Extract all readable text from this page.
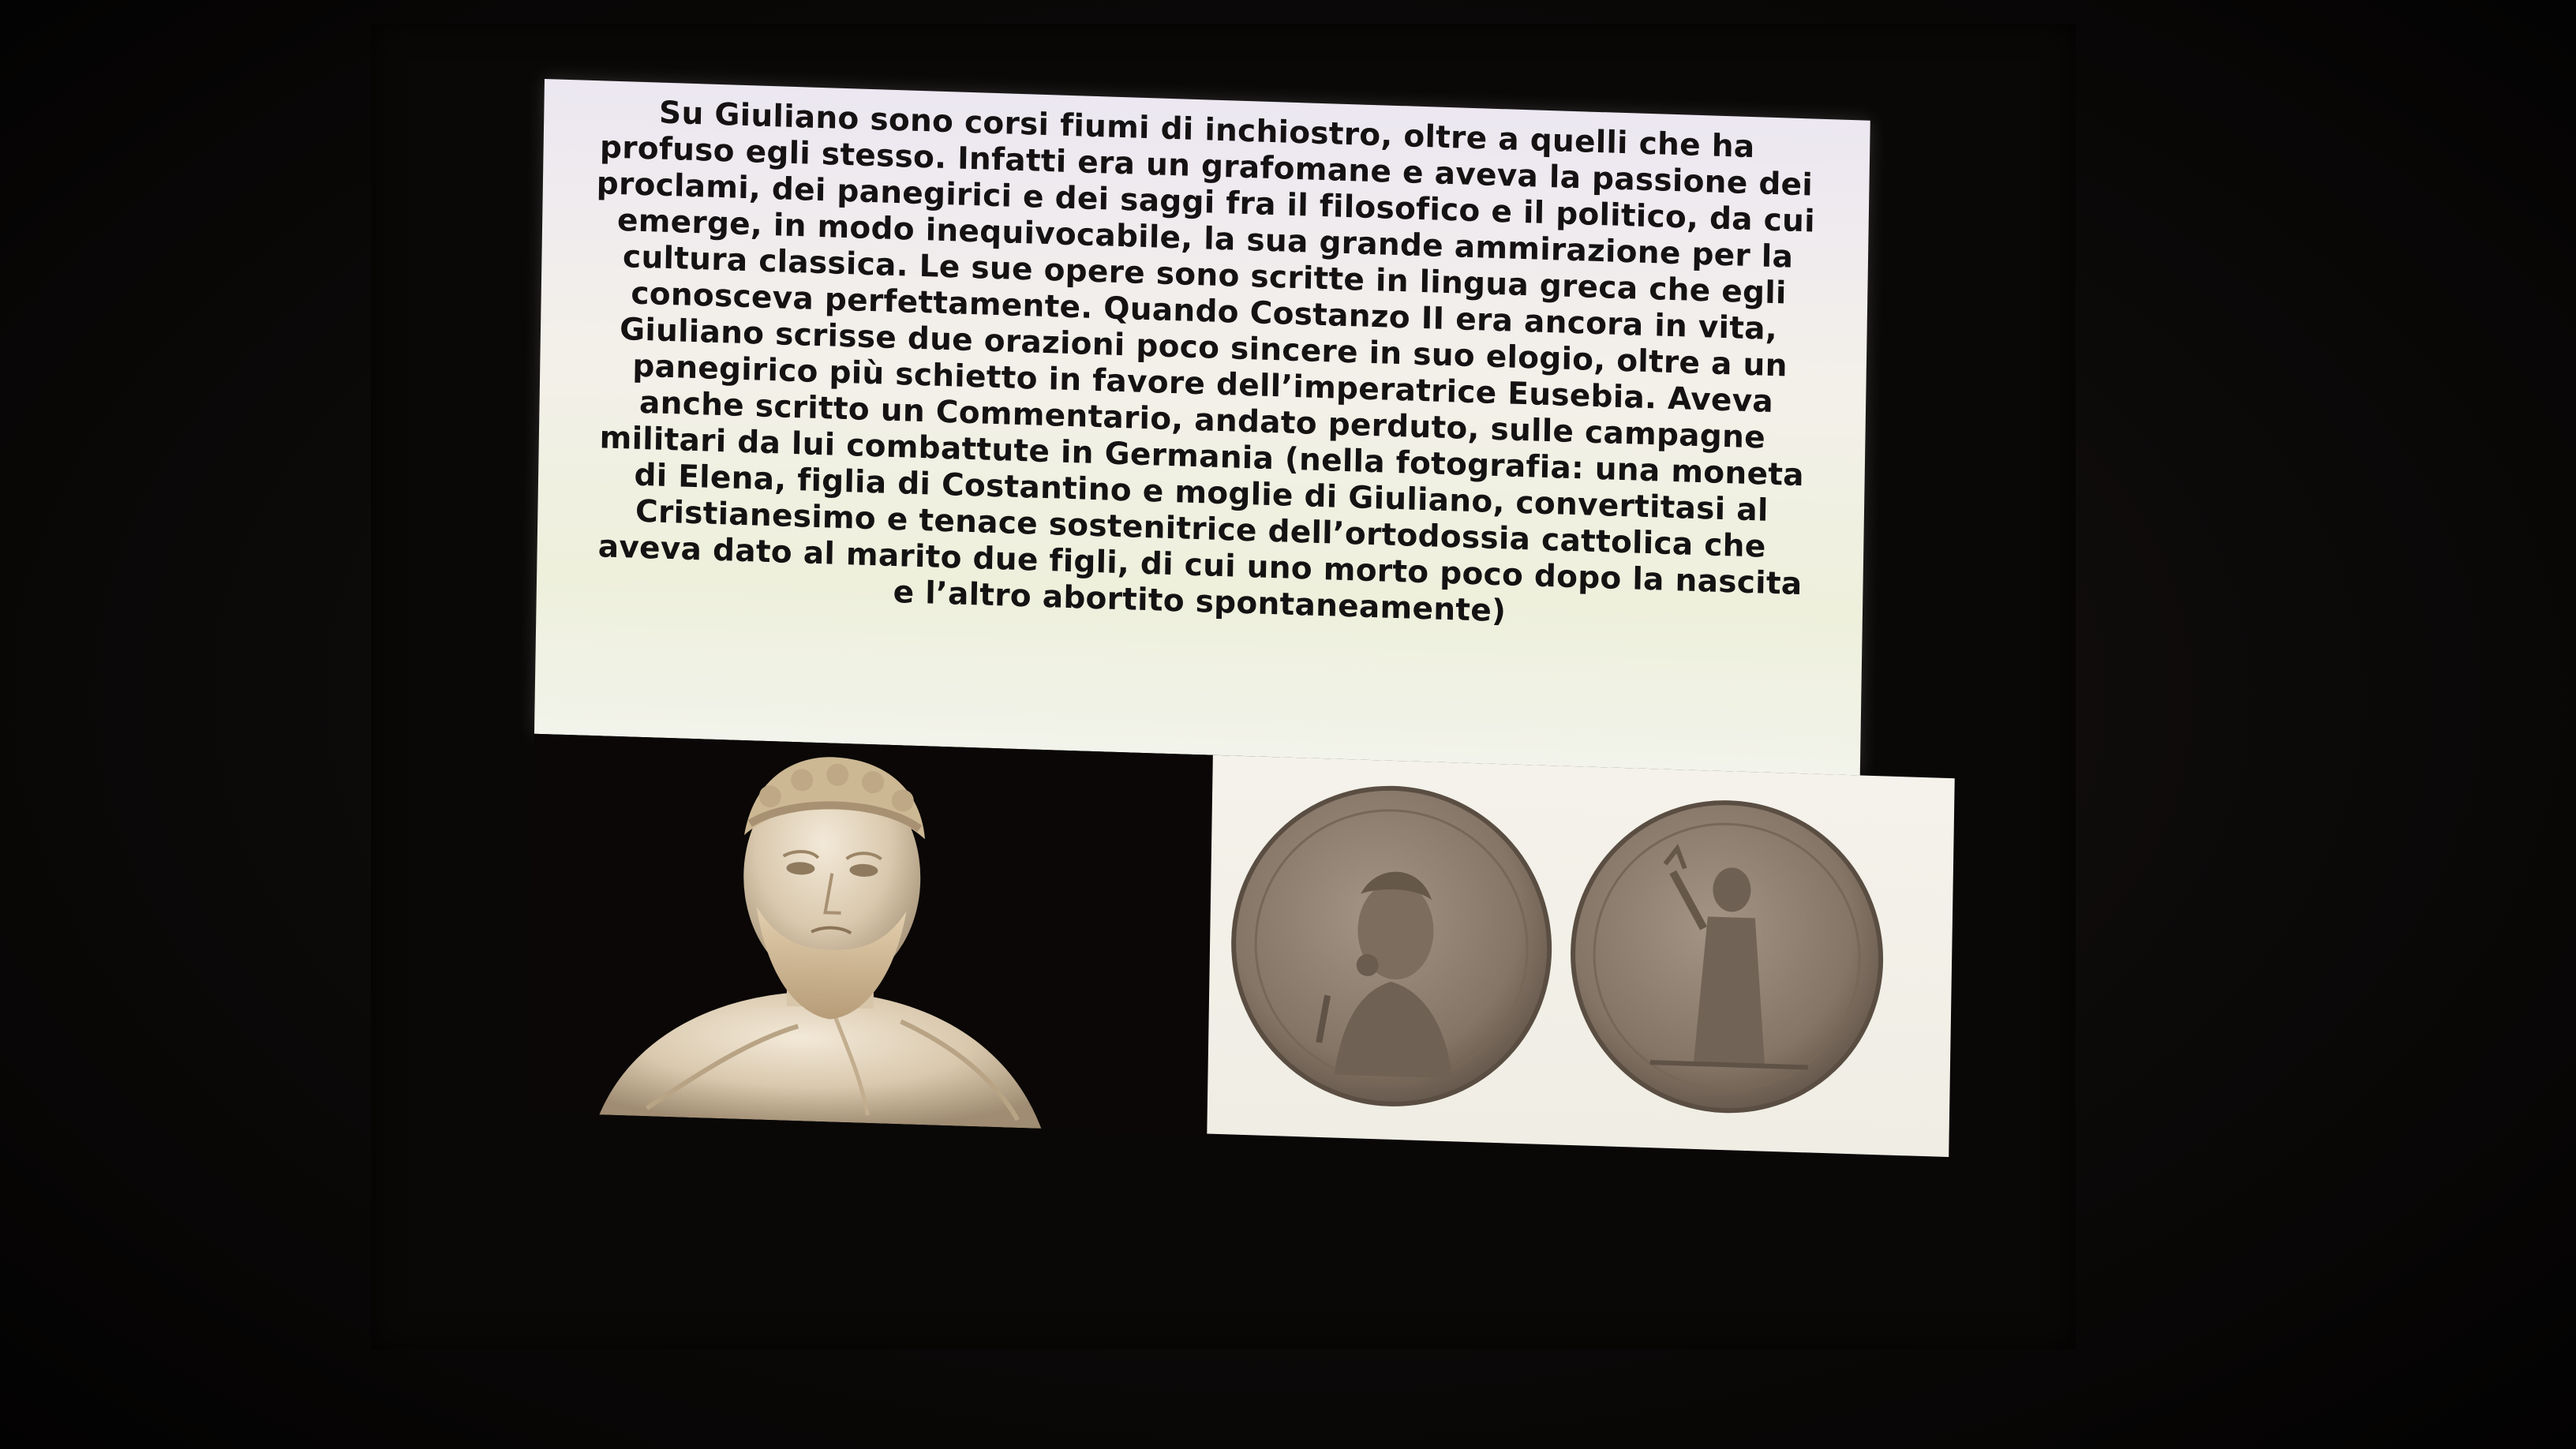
Su Giuliano sono corsi fiumi di inchiostro, oltre a quelli che ha profuso egli stesso. Infatti era un grafomane e aveva la passione dei proclami, dei panegirici e dei saggi fra il filosofico e il politico, da cui emerge, in modo inequivocabile, la sua grande ammirazione per la cultura classica. Le sue opere sono scritte in lingua greca che egli conosceva perfettamente. Quando Costanzo II era ancora in vita, Giuliano scrisse due orazioni poco sincere in suo elogio, oltre a un panegirico più schietto in favore dell’imperatrice Eusebia. Aveva anche scritto un Commentario, andato perduto, sulle campagne militari da lui combattute in Germania (nella fotografia: una moneta di Elena, figlia di Costantino e moglie di Giuliano, convertitasi al Cristianesimo e tenace sostenitrice dell’ortodossia cattolica che aveva dato al marito due figli, di cui uno morto poco dopo la nascita e l’altro abortito spontaneamente)
